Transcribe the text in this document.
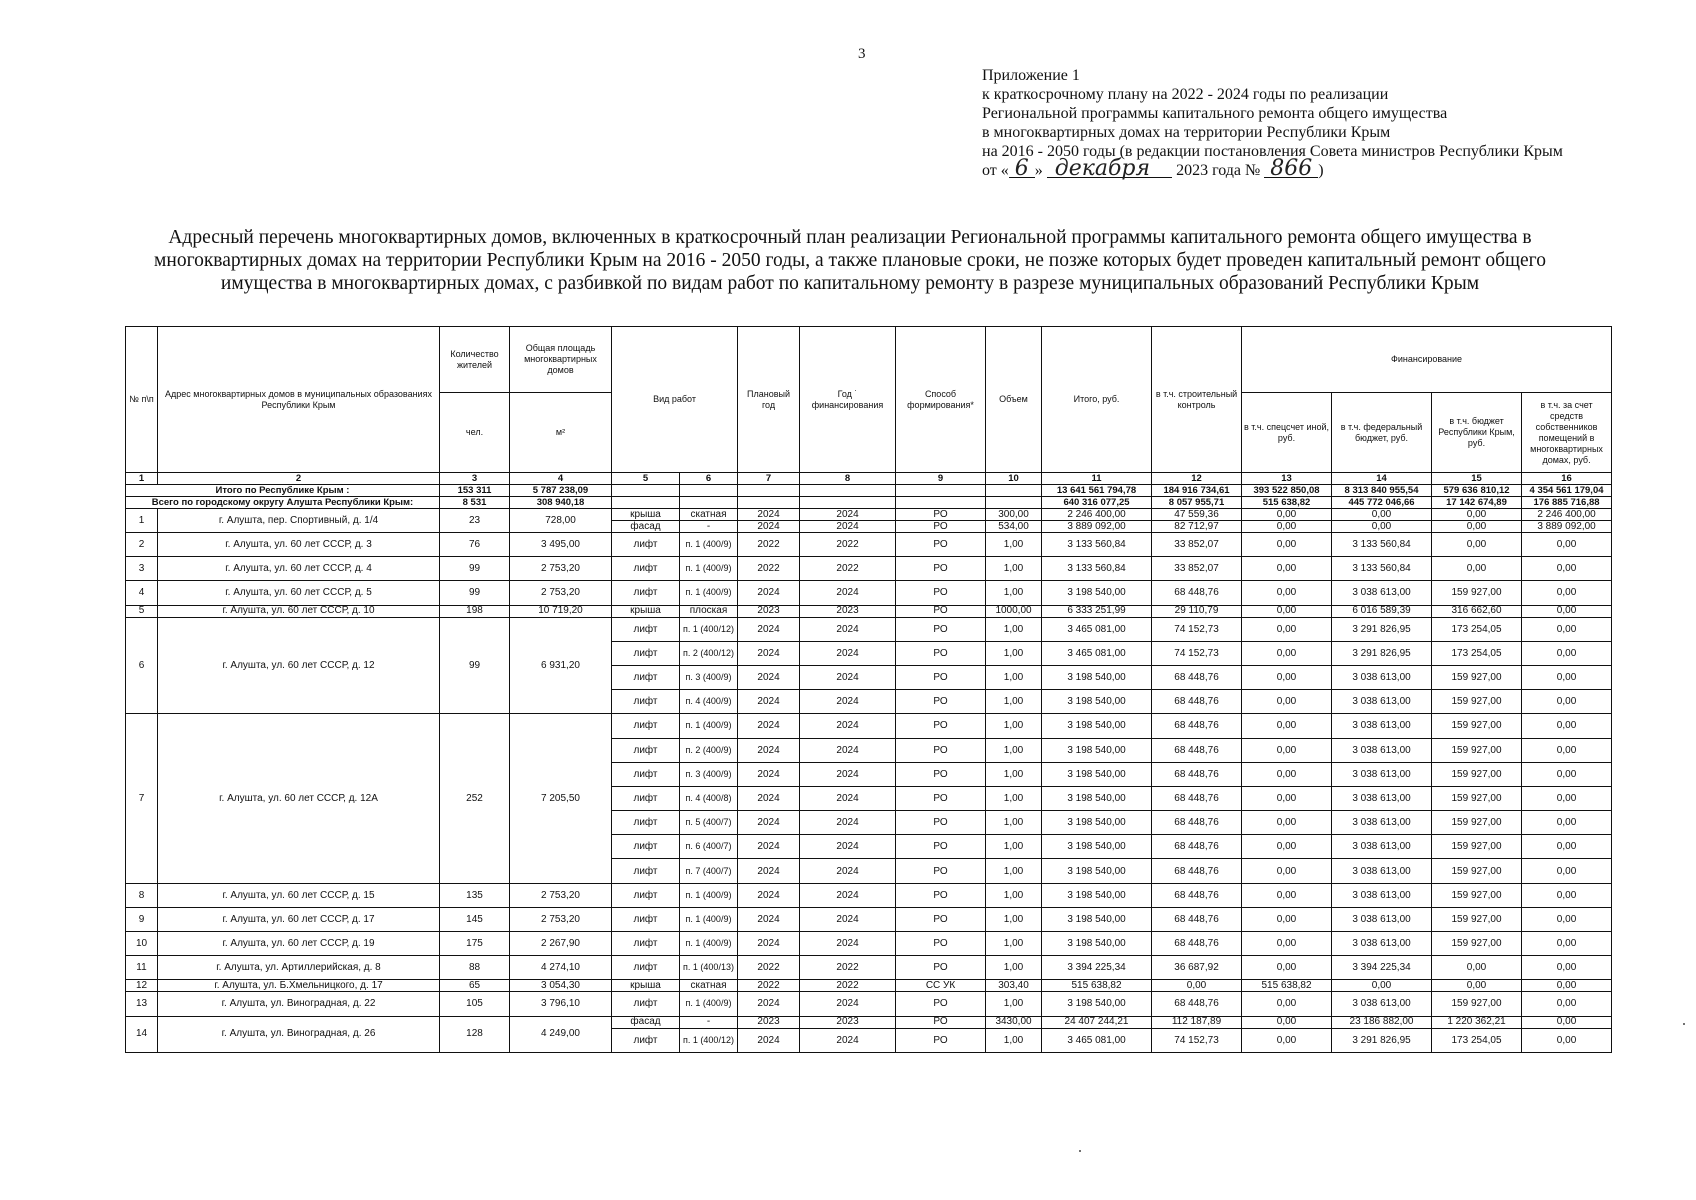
3
Приложение 1
к краткосрочному плану на 2022 - 2024 годы по реализации
Региональной программы капитального ремонта общего имущества
в многоквартирных домах на территории Республики Крым
на 2016 - 2050 годы (в редакции постановления Совета министров Республики Крым
от « 6 » декабря 2023 года № 866 )
Адресный перечень многоквартирных домов, включенных в краткосрочный план реализации Региональной программы капитального ремонта общего имущества в многоквартирных домах на территории Республики Крым на 2016 - 2050 годы, а также плановые сроки, не позже которых будет проведен капитальный ремонт общего имущества в многоквартирных домах, с разбивкой по видам работ по капитальному ремонту в разрезе муниципальных образований Республики Крым
№ п\п	Адрес многоквартирных домов в муниципальных образованиях Республики Крым	Количество жителей	Общая площадь многоквартирных домов	Вид работ		Плановый год	Год ˙ финансирования	Способ формирования*	Объем	Итого, руб.	в т.ч. строительный контроль	Финансирование			
		чел.	м²									в т.ч. спецсчет иной, руб.	в т.ч. федеральный бюджет, руб.	в т.ч. бюджет Республики Крым, руб.	в т.ч. за счет средств собственников помещений в многоквартирных домах, руб.
1	2	3	4	5	6	7	8	9	10	11	12	13	14	15	16
Итого по Республике Крым :		153 311	5 787 238,09							13 641 561 794,78	184 916 734,61	393 522 850,08	8 313 840 955,54	579 636 810,12	4 354 561 179,04
Всего по городскому округу Алушта Республики Крым:		8 531	308 940,18							640 316 077,25	8 057 955,71	515 638,82	445 772 046,66	17 142 674,89	176 885 716,88
1	г. Алушта, пер. Спортивный, д. 1/4	23	728,00	крыша	скатная	2024	2024	РО	300,00	2 246 400,00	47 559,36	0,00	0,00	0,00	2 246 400,00
				фасад	-	2024	2024	РО	534,00	3 889 092,00	82 712,97	0,00	0,00	0,00	3 889 092,00
2	г. Алушта, ул. 60 лет СССР, д. 3	76	3 495,00	лифт	п. 1 (400/9)	2022	2022	РО	1,00	3 133 560,84	33 852,07	0,00	3 133 560,84	0,00	0,00
3	г. Алушта, ул. 60 лет СССР, д. 4	99	2 753,20	лифт	п. 1 (400/9)	2022	2022	РО	1,00	3 133 560,84	33 852,07	0,00	3 133 560,84	0,00	0,00
4	г. Алушта, ул. 60 лет СССР, д. 5	99	2 753,20	лифт	п. 1 (400/9)	2024	2024	РО	1,00	3 198 540,00	68 448,76	0,00	3 038 613,00	159 927,00	0,00
5	г. Алушта, ул. 60 лет СССР, д. 10	198	10 719,20	крыша	плоская	2023	2023	РО	1000,00	6 333 251,99	29 110,79	0,00	6 016 589,39	316 662,60	0,00
6	г. Алушта, ул. 60 лет СССР, д. 12	99	6 931,20	лифт	п. 1 (400/12)	2024	2024	РО	1,00	3 465 081,00	74 152,73	0,00	3 291 826,95	173 254,05	0,00
				лифт	п. 2 (400/12)	2024	2024	РО	1,00	3 465 081,00	74 152,73	0,00	3 291 826,95	173 254,05	0,00
				лифт	п. 3 (400/9)	2024	2024	РО	1,00	3 198 540,00	68 448,76	0,00	3 038 613,00	159 927,00	0,00
				лифт	п. 4 (400/9)	2024	2024	РО	1,00	3 198 540,00	68 448,76	0,00	3 038 613,00	159 927,00	0,00
7	г. Алушта, ул. 60 лет СССР, д. 12А	252	7 205,50	лифт	п. 1 (400/9)	2024	2024	РО	1,00	3 198 540,00	68 448,76	0,00	3 038 613,00	159 927,00	0,00
				лифт	п. 2 (400/9)	2024	2024	РО	1,00	3 198 540,00	68 448,76	0,00	3 038 613,00	159 927,00	0,00
				лифт	п. 3 (400/9)	2024	2024	РО	1,00	3 198 540,00	68 448,76	0,00	3 038 613,00	159 927,00	0,00
				лифт	п. 4 (400/8)	2024	2024	РО	1,00	3 198 540,00	68 448,76	0,00	3 038 613,00	159 927,00	0,00
				лифт	п. 5 (400/7)	2024	2024	РО	1,00	3 198 540,00	68 448,76	0,00	3 038 613,00	159 927,00	0,00
				лифт	п. 6 (400/7)	2024	2024	РО	1,00	3 198 540,00	68 448,76	0,00	3 038 613,00	159 927,00	0,00
				лифт	п. 7 (400/7)	2024	2024	РО	1,00	3 198 540,00	68 448,76	0,00	3 038 613,00	159 927,00	0,00
8	г. Алушта, ул. 60 лет СССР, д. 15	135	2 753,20	лифт	п. 1 (400/9)	2024	2024	РО	1,00	3 198 540,00	68 448,76	0,00	3 038 613,00	159 927,00	0,00
9	г. Алушта, ул. 60 лет СССР, д. 17	145	2 753,20	лифт	п. 1 (400/9)	2024	2024	РО	1,00	3 198 540,00	68 448,76	0,00	3 038 613,00	159 927,00	0,00
10	г. Алушта, ул. 60 лет СССР, д. 19	175	2 267,90	лифт	п. 1 (400/9)	2024	2024	РО	1,00	3 198 540,00	68 448,76	0,00	3 038 613,00	159 927,00	0,00
11	г. Алушта, ул. Артиллерийская, д. 8	88	4 274,10	лифт	п. 1 (400/13)	2022	2022	РО	1,00	3 394 225,34	36 687,92	0,00	3 394 225,34	0,00	0,00
12	г. Алушта, ул. Б.Хмельницкого, д. 17	65	3 054,30	крыша	скатная	2022	2022	СС УК	303,40	515 638,82	0,00	515 638,82	0,00	0,00	0,00
13	г. Алушта, ул. Виноградная, д. 22	105	3 796,10	лифт	п. 1 (400/9)	2024	2024	РО	1,00	3 198 540,00	68 448,76	0,00	3 038 613,00	159 927,00	0,00
14	г. Алушта, ул. Виноградная, д. 26	128	4 249,00	фасад	-	2023	2023	РО	3430,00	24 407 244,21	112 187,89	0,00	23 186 882,00	1 220 362,21	0,00
				лифт	п. 1 (400/12)	2024	2024	РО	1,00	3 465 081,00	74 152,73	0,00	3 291 826,95	173 254,05	0,00
